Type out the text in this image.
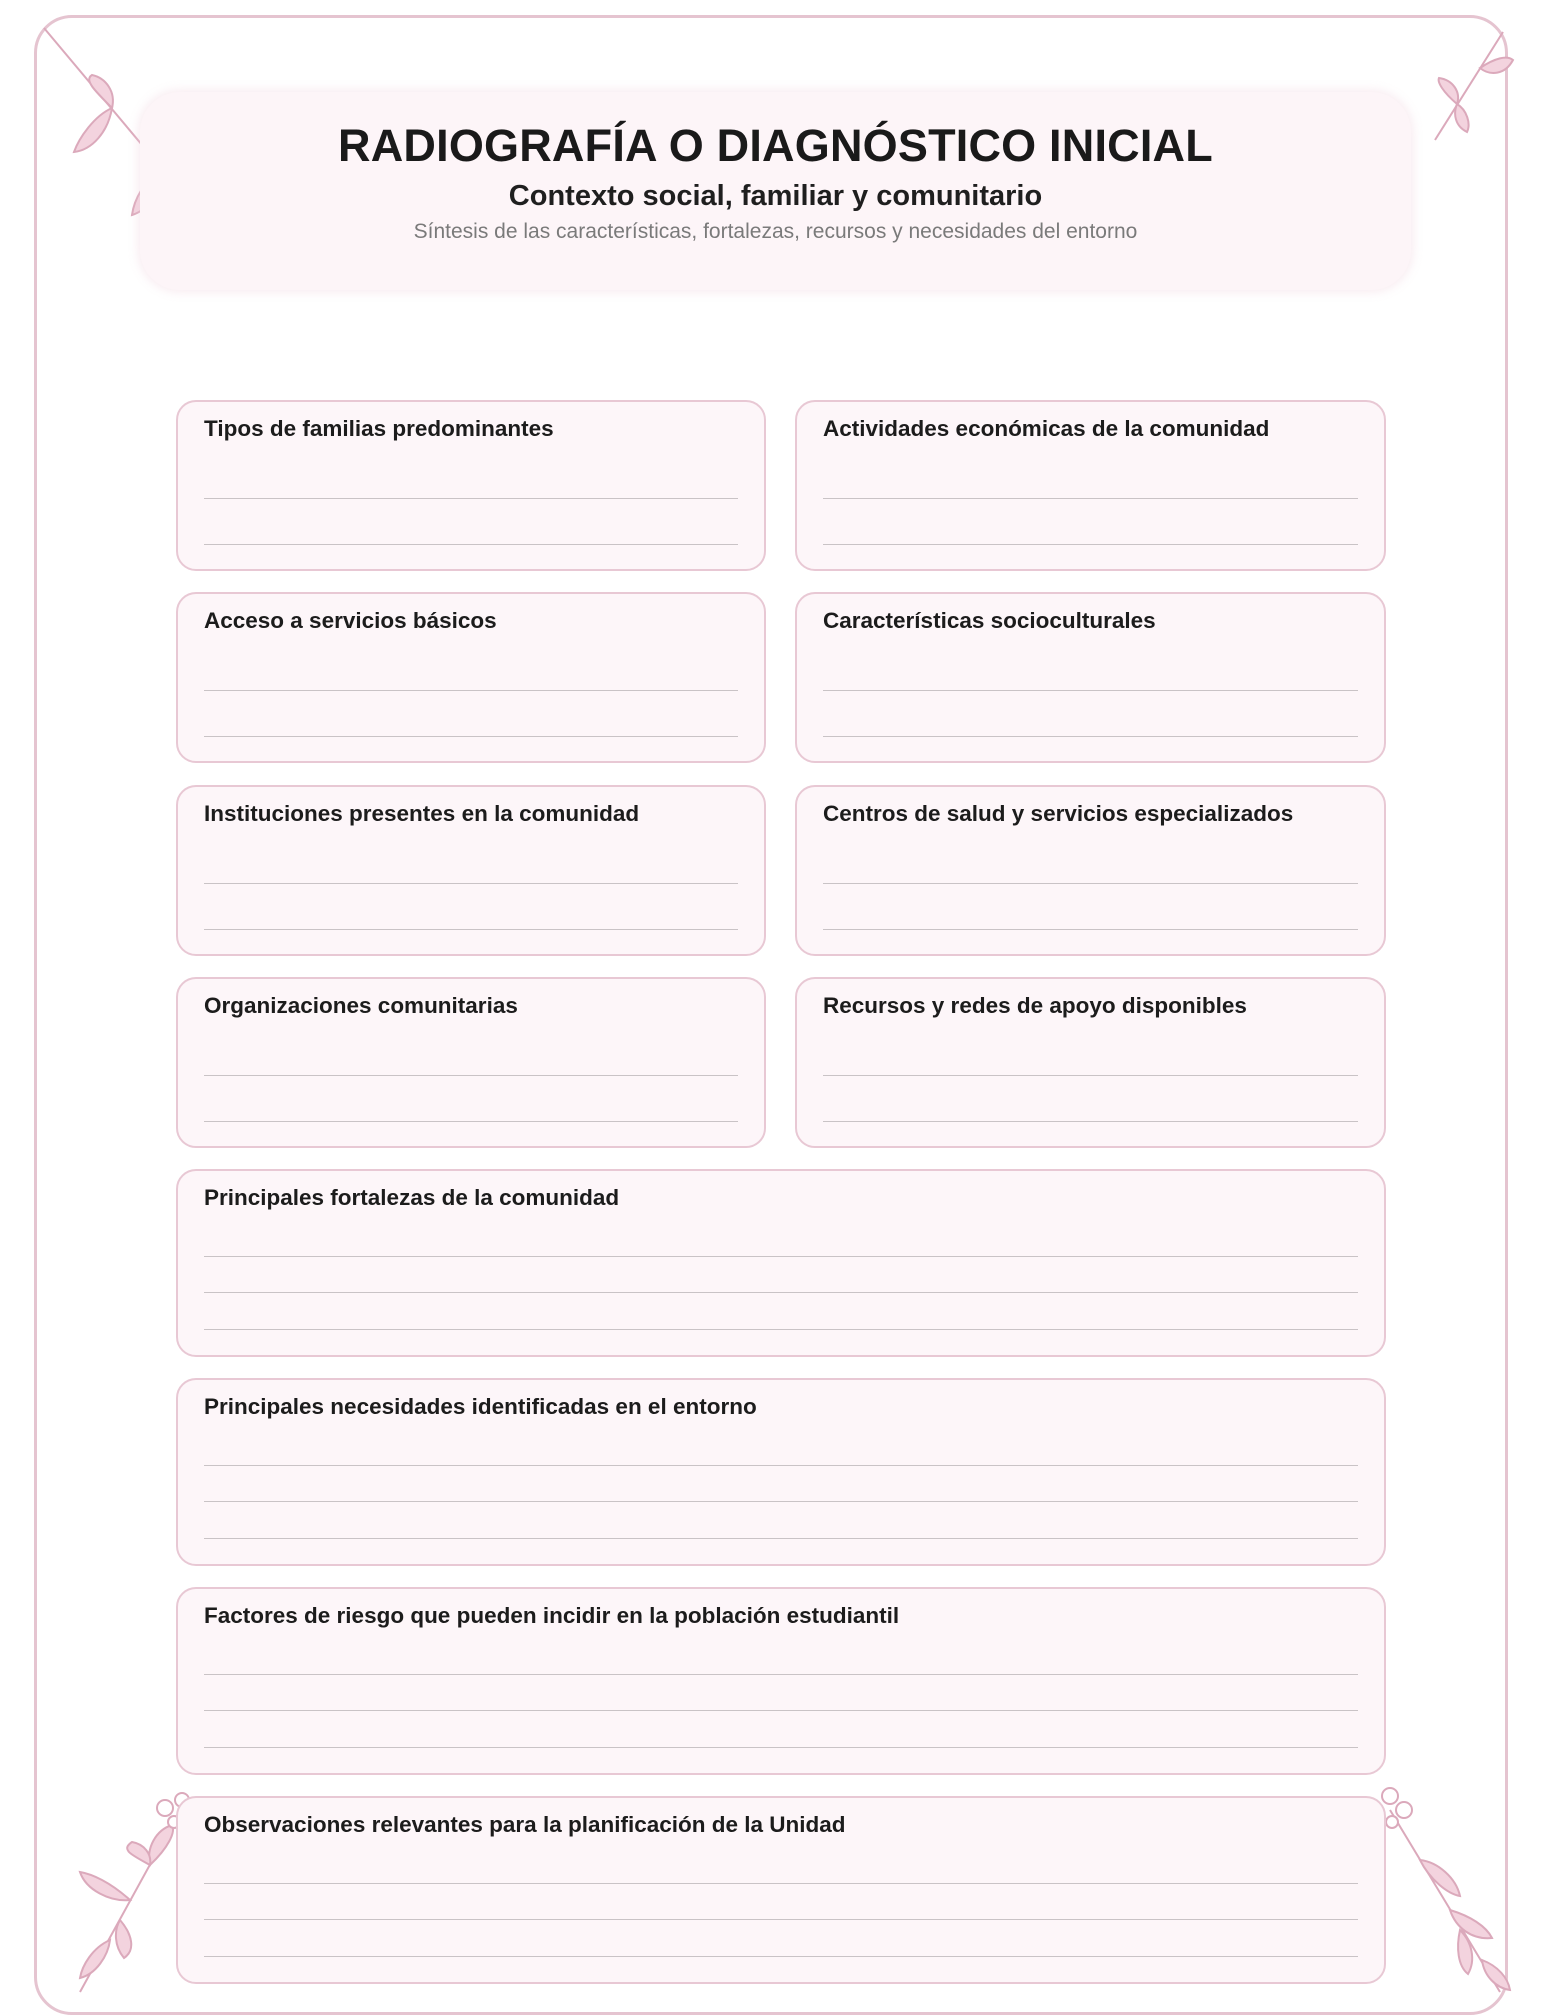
RADIOGRAFÍA O DIAGNÓSTICO INICIAL
Contexto social, familiar y comunitario
Síntesis de las características, fortalezas, recursos y necesidades del entorno
Tipos de familias predominantes	Actividades económicas de la comunidad
Acceso a servicios básicos	Características socioculturales
Instituciones presentes en la comunidad	Centros de salud y servicios especializados
Organizaciones comunitarias	Recursos y redes de apoyo disponibles
Principales fortalezas de la comunidad
Principales necesidades identificadas en el entorno
Factores de riesgo que pueden incidir en la población estudiantil
Observaciones relevantes para la planificación de la Unidad
